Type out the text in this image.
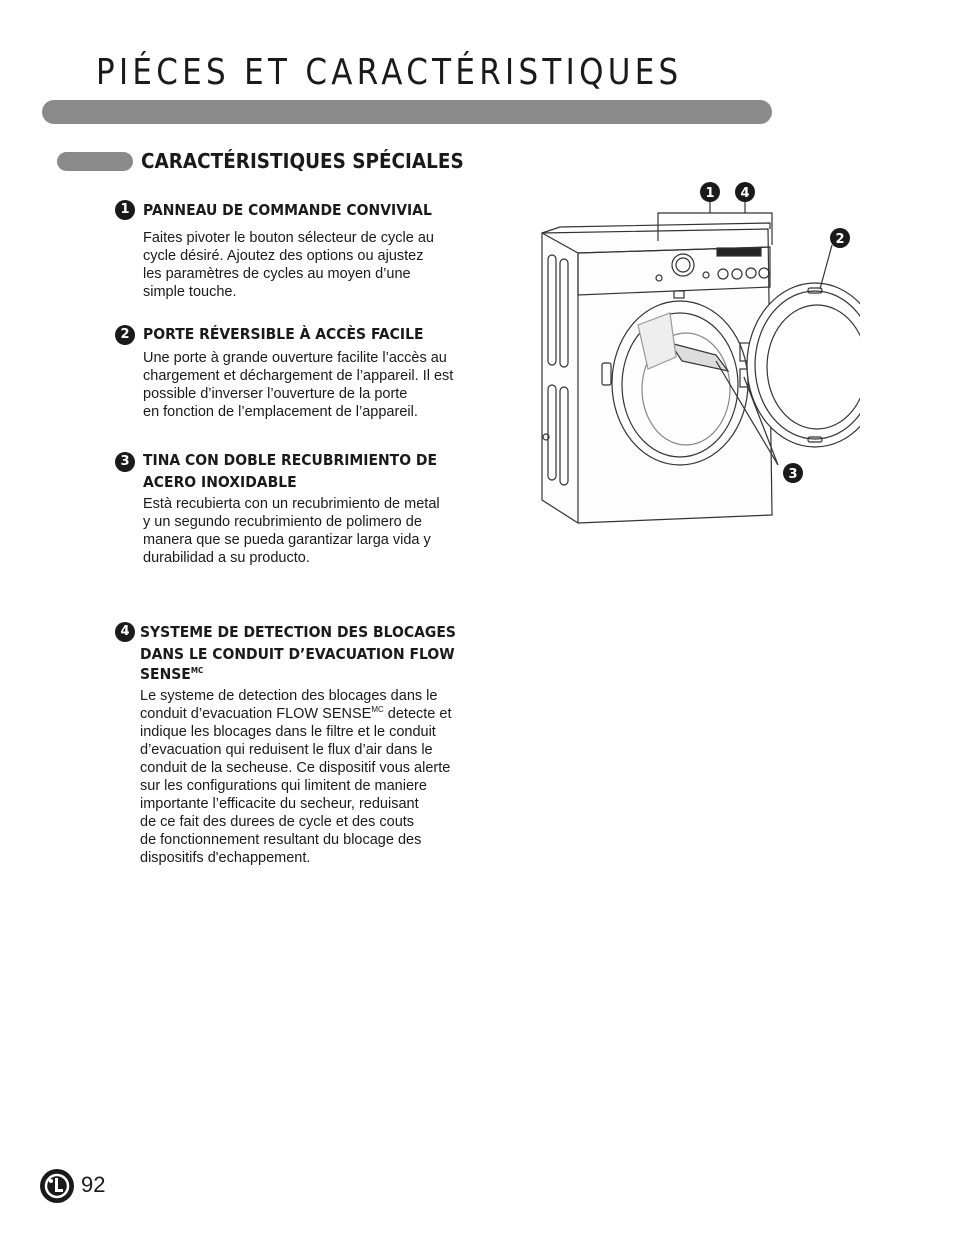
PIÉCES ET CARACTÉRISTIQUES
CARACTÉRISTIQUES SPÉCIALES
1 PANNEAU DE COMMANDE CONVIVIAL
Faites pivoter le bouton sélecteur de cycle au
cycle désiré. Ajoutez des options ou ajustez
les paramètres de cycles au moyen d’une
simple touche.
2 PORTE RÉVERSIBLE À ACCÈS FACILE
Une porte à grande ouverture facilite l’accès au
chargement et déchargement de l’appareil. Il est
possible d’inverser l’ouverture de la porte
en fonction de l’emplacement de l’appareil.
3 TINA CON DOBLE RECUBRIMIENTO DE
ACERO INOXIDABLE
Està recubierta con un recubrimiento de metal
y un segundo recubrimiento de polimero de
manera que se pueda garantizar larga vida y
durabilidad a su producto.
4 SYSTEME DE DETECTION DES BLOCAGES
DANS LE CONDUIT D’EVACUATION FLOW
$SENSE^{MC}$
Le systeme de detection des blocages dans le
conduit d’evacuation FLOW $SENSE^{MC}$ detecte et
indique les blocages dans le filtre et le conduit
d’evacuation qui reduisent le flux d’air dans le
conduit de la secheuse. Ce dispositif vous alerte
sur les configurations qui limitent de maniere
importante l’efficacite du secheur, reduisant
de ce fait des durees de cycle et des couts
de fonctionnement resultant du blocage des
dispositifs d'echappement.
1 4
2
3
92
